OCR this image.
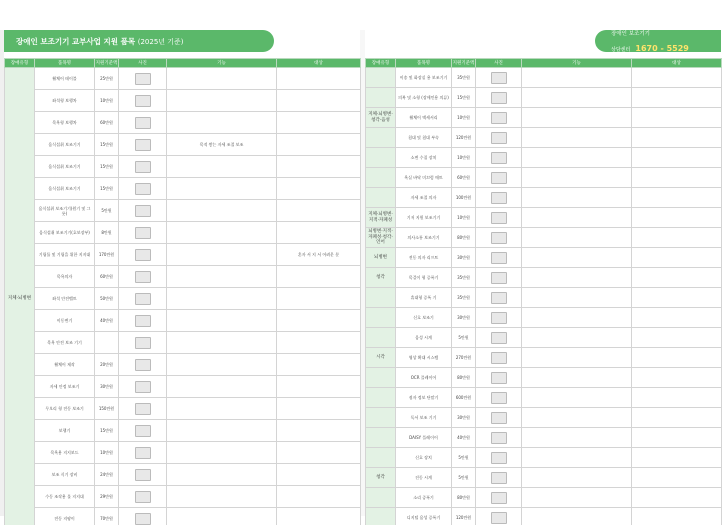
장애인 보조기기 교부사업 지원 품목 (2025년 기준)
장애유형	품목명	지원기준액	사진	기능	대상
지체·뇌병변	휠체어 테이블	25만원			
	좌석형 보행차	10만원			
	목욕형 보행차	60만원			
	음식섭취 보조기기	15만원		목적 쌓는 자세 조절 보조	
	음식섭취 보조기기	15만원			
	음식섭취 보조기기	15만원			
	음식섭취 보조기기(원기 및 그릇)	5만원			
	음식섭취 보조기기(호보장부)	8만원			
	기립틀 및 기립을 위한 지지대	170만원			혼자 서 지 서 어려운 분
	목욕의자	60만원			
	좌석 안전벨트	50만원			
	이동변기	40만원			
	목욕 안전 보조 기기				
	휠체어 제작	20만원			
	자세 안정 보조기	30만원			
	무오리 형 전동 보조기	150만원			
	보행기	15만원			
	목욕용 지지보드	10만원			
	보조 식기 장비	24만원			
	수동 조작용 물 지지대	29만원			
	전동 지팡이	70만원			
장애인 보조기기
상담센터 1670 - 5529
장애유형	품목명	지원기준액	사진	기능	대상
	이송 및 화장실 용 보조기기	35만원			
	의복 및 소형 (장애인용 의류)	15만원			
지체·뇌병변·청각·음성	휠체어 액세서리	10만원			
	침대 및 침대 부속	120만원			
	소변 수집 장치	10만원			
	욕실 바닥 미끄럼 매트	60만원			
	자세 조절 의자	100만원			
지체·뇌병변·지적·자폐성	기저 지원 보조기기	10만원			
뇌병변·지적·자폐성·청각·언어	의사소통 보조기기	80만원			
뇌병변	전동 의자 리프트	30만원			
청각	목걸이 형 증폭기	35만원			
	휴대형 증폭 기	35만원			
	신호 보조기	30만원			
	음성 시계	5만원			
시각	영상 확대 시스템	270만원			
	OCR 플레이어	80만원			
	점자 정보 단말기	600만원			
	독서 보조 기기	30만원			
	DAISY 플레이어	40만원			
	신호 장치	5만원			
청각	진동 시계	5만원			
	소리 증폭기	80만원			
	디지털 음성 증폭기	120만원			
